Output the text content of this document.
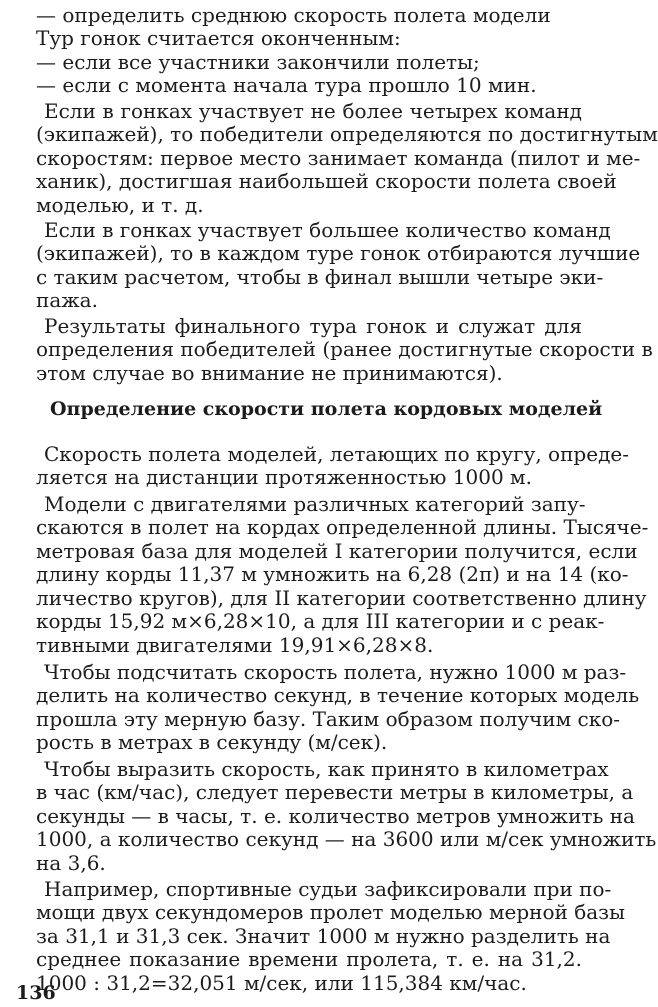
— определить среднюю скорость полета модели
Тур гонок считается оконченным:
— если все участники закончили полеты;
— если с момента начала тура прошло 10 мин.
Если в гонках участвует не более четырех команд
(экипажей), то победители определяются по достигнутым
скоростям: первое место занимает команда (пилот и ме-
ханик), достигшая наибольшей скорости полета своей
моделью, и т. д.
Если в гонках участвует большее количество команд
(экипажей), то в каждом туре гонок отбираются лучшие
с таким расчетом, чтобы в финал вышли четыре эки-
пажа.
Результаты финального тура гонок и служат для
определения победителей (ранее достигнутые скорости в
этом случае во внимание не принимаются).
Определение скорости полета кордовых моделей
Скорость полета моделей, летающих по кругу, опреде-
ляется на дистанции протяженностью 1000 м.
Модели с двигателями различных категорий запу-
скаются в полет на кордах определенной длины. Тысяче-
метровая база для моделей I категории получится, если
длину корды 11,37 м умножить на 6,28 (2π) и на 14 (ко-
личество кругов), для II категории соответственно длину
корды 15,92 м×6,28×10, а для III категории и с реак-
тивными двигателями 19,91×6,28×8.
Чтобы подсчитать скорость полета, нужно 1000 м раз-
делить на количество секунд, в течение которых модель
прошла эту мерную базу. Таким образом получим ско-
рость в метрах в секунду (м/сек).
Чтобы выразить скорость, как принято в километрах
в час (км/час), следует перевести метры в километры, а
секунды — в часы, т. е. количество метров умножить на
1000, а количество секунд — на 3600 или м/сек умножить
на 3,6.
Например, спортивные судьи зафиксировали при по-
мощи двух секундомеров пролет моделью мерной базы
за 31,1 и 31,3 сек. Значит 1000 м нужно разделить на
среднее показание времени пролета, т. е. на 31,2.
1000 : 31,2=32,051 м/сек, или 115,384 км/час.
136
